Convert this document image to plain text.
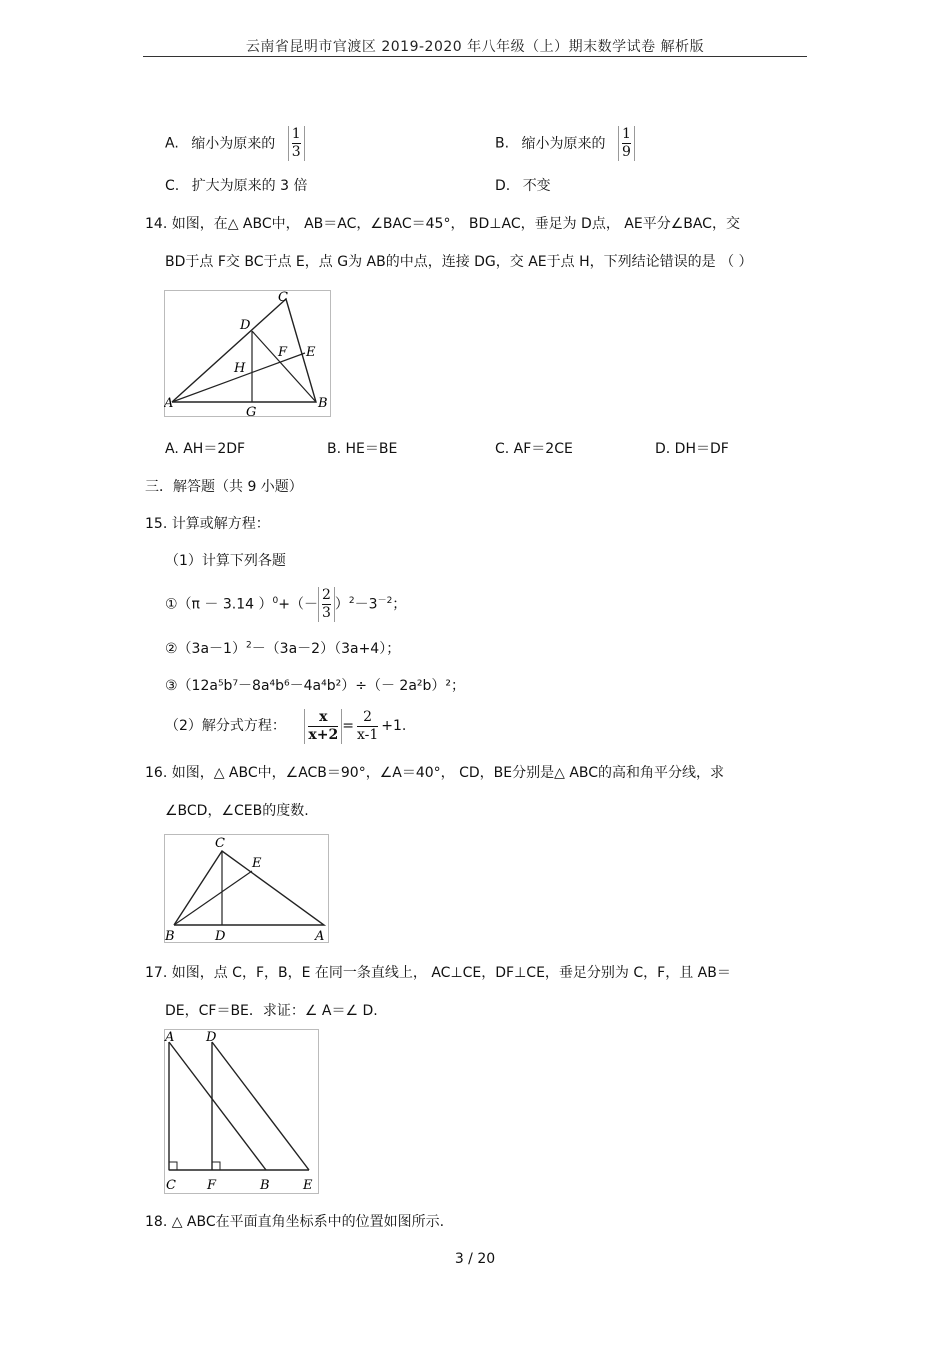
云南省昆明市官渡区 2019-2020 年八年级（上）期末数学试卷 解析版
A. 缩小为原来的 $\frac{1}{3}$	B. 缩小为原来的 $\frac{1}{9}$
C. 扩大为原来的 3 倍	D. 不变
14. 如图，在△ ABC中， AB＝AC，∠BAC＝45°， BD⊥AC，垂足为 D点， AE平分∠BAC，交
BD于点 F交 BC于点 E，点 G为 AB的中点，连接 DG，交 AE于点 H，下列结论错误的是 （ ）
C
D
F E
H
A
G
B
A. AH＝2DF	B. HE＝BE	C. AF＝2CE	D. DH＝DF
三．解答题（共 9 小题）
15. 计算或解方程：
（1）计算下列各题
①（π － 3.14 ）$^0+(- \frac{2}{3} )^2-3^{-2}$；
$②(3a-1)^2-(3a-2)(3a+4)$；
③（12a⁵b⁷－8a⁴b⁶－4a⁴b²）÷（－ 2a²b）²；
（2）解分式方程： $\frac{x}{x+2} = \frac{2}{x-1} +1$.
16. 如图，△ ABC中，∠ACB＝90°，∠A＝40°， CD，BE分别是△ ABC的高和角平分线，求
∠BCD，∠CEB的度数.
C
E
B	D	A
17. 如图，点 C，F，B，E 在同一条直线上， AC⊥CE，DF⊥CE，垂足分别为 C，F，且 AB＝
DE，CF＝BE．求证：∠ A＝∠ D.
A D
C F	B	E
18. △ ABC在平面直角坐标系中的位置如图所示.
3 / 20
